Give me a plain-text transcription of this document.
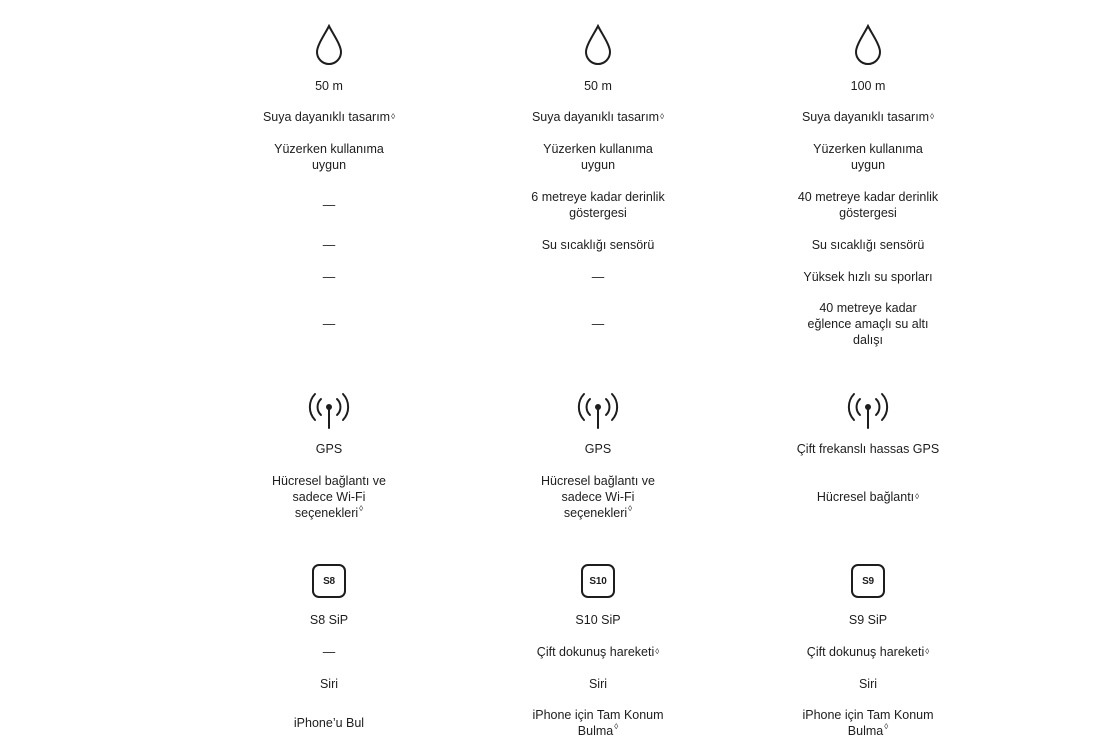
50 m
Suya dayanıklı tasarım ◊
Yüzerken kullanıma uygun
—
—
—
—
GPS
Hücresel bağlantı ve sadece Wi-Fi seçenekleri◊
S8
S8 SiP
—
Siri
iPhone’u Bul
50 m
Suya dayanıklı tasarım ◊
Yüzerken kullanıma uygun
6 metreye kadar derinlik göstergesi
Su sıcaklığı sensörü
—
—
GPS
Hücresel bağlantı ve sadece Wi-Fi seçenekleri◊
S10
S10 SiP
Çift dokunuş hareketi ◊
Siri
iPhone için Tam Konum Bulma◊
100 m
Suya dayanıklı tasarım ◊
Yüzerken kullanıma uygun
40 metreye kadar derinlik göstergesi
Su sıcaklığı sensörü
Yüksek hızlı su sporları
40 metreye kadar eğlence amaçlı su altı dalışı
Çift frekanslı hassas GPS
Hücresel bağlantı ◊
S9
S9 SiP
Çift dokunuş hareketi ◊
Siri
iPhone için Tam Konum Bulma◊
